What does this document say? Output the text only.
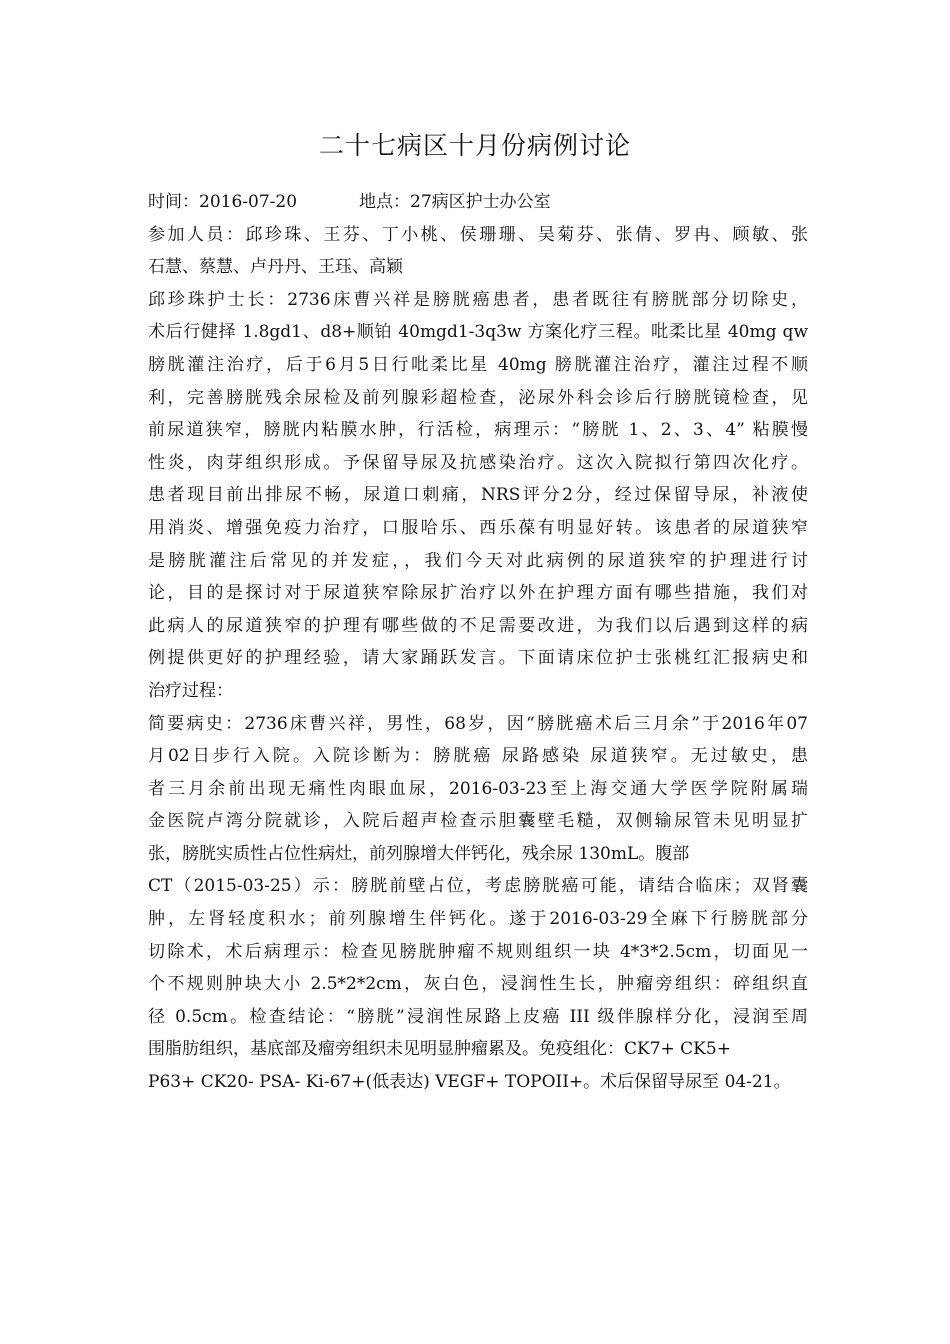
二十七病区十月份病例讨论
时间：2016-07-20	地点：27病区护士办公室
参加人员：邱珍珠、王芬、丁小桃、侯珊珊、吴菊芬、张倩、罗冉、顾敏、张
石慧、蔡慧、卢丹丹、王珏、高颖
邱珍珠护士长：2736床曹兴祥是膀胱癌患者，患者既往有膀胱部分切除史，
术后行健择 1.8gd1、d8+顺铂 40mgd1-3q3w 方案化疗三程。吡柔比星 40mg qw
膀胱灌注治疗，后于6月5日行吡柔比星 40mg 膀胱灌注治疗，灌注过程不顺
利，完善膀胱残余尿检及前列腺彩超检查，泌尿外科会诊后行膀胱镜检查，见
前尿道狭窄，膀胱内粘膜水肿，行活检，病理示：“膀胱 1、2、3、4” 粘膜慢
性炎，肉芽组织形成。予保留导尿及抗感染治疗。这次入院拟行第四次化疗。
患者现目前出排尿不畅，尿道口刺痛，NRS评分2分，经过保留导尿，补液使
用消炎、增强免疫力治疗，口服哈乐、西乐葆有明显好转。该患者的尿道狭窄
是膀胱灌注后常见的并发症，，我们今天对此病例的尿道狭窄的护理进行讨
论，目的是探讨对于尿道狭窄除尿扩治疗以外在护理方面有哪些措施，我们对
此病人的尿道狭窄的护理有哪些做的不足需要改进，为我们以后遇到这样的病
例提供更好的护理经验，请大家踊跃发言。下面请床位护士张桃红汇报病史和
治疗过程：
简要病史：2736床曹兴祥，男性，68岁，因“膀胱癌术后三月余”于2016年07
月02日步行入院。入院诊断为：膀胱癌 尿路感染 尿道狭窄。无过敏史，患
者三月余前出现无痛性肉眼血尿，2016-03-23至上海交通大学医学院附属瑞
金医院卢湾分院就诊，入院后超声检查示胆囊壁毛糙，双侧输尿管未见明显扩
张，膀胱实质性占位性病灶，前列腺增大伴钙化，残余尿 130mL。腹部
CT（2015-03-25）示：膀胱前壁占位，考虑膀胱癌可能，请结合临床；双肾囊
肿，左肾轻度积水；前列腺增生伴钙化。遂于2016-03-29全麻下行膀胱部分
切除术，术后病理示：检查见膀胱肿瘤不规则组织一块 4*3*2.5cm，切面见一
个不规则肿块大小 2.5*2*2cm，灰白色，浸润性生长，肿瘤旁组织：碎组织直
径 0.5cm。检查结论：“膀胱”浸润性尿路上皮癌 III 级伴腺样分化，浸润至周
围脂肪组织，基底部及瘤旁组织未见明显肿瘤累及。免疫组化：CK7+ CK5+
P63+ CK20- PSA- Ki-67+(低表达) VEGF+ TOPOII+。术后保留导尿至 04-21。
